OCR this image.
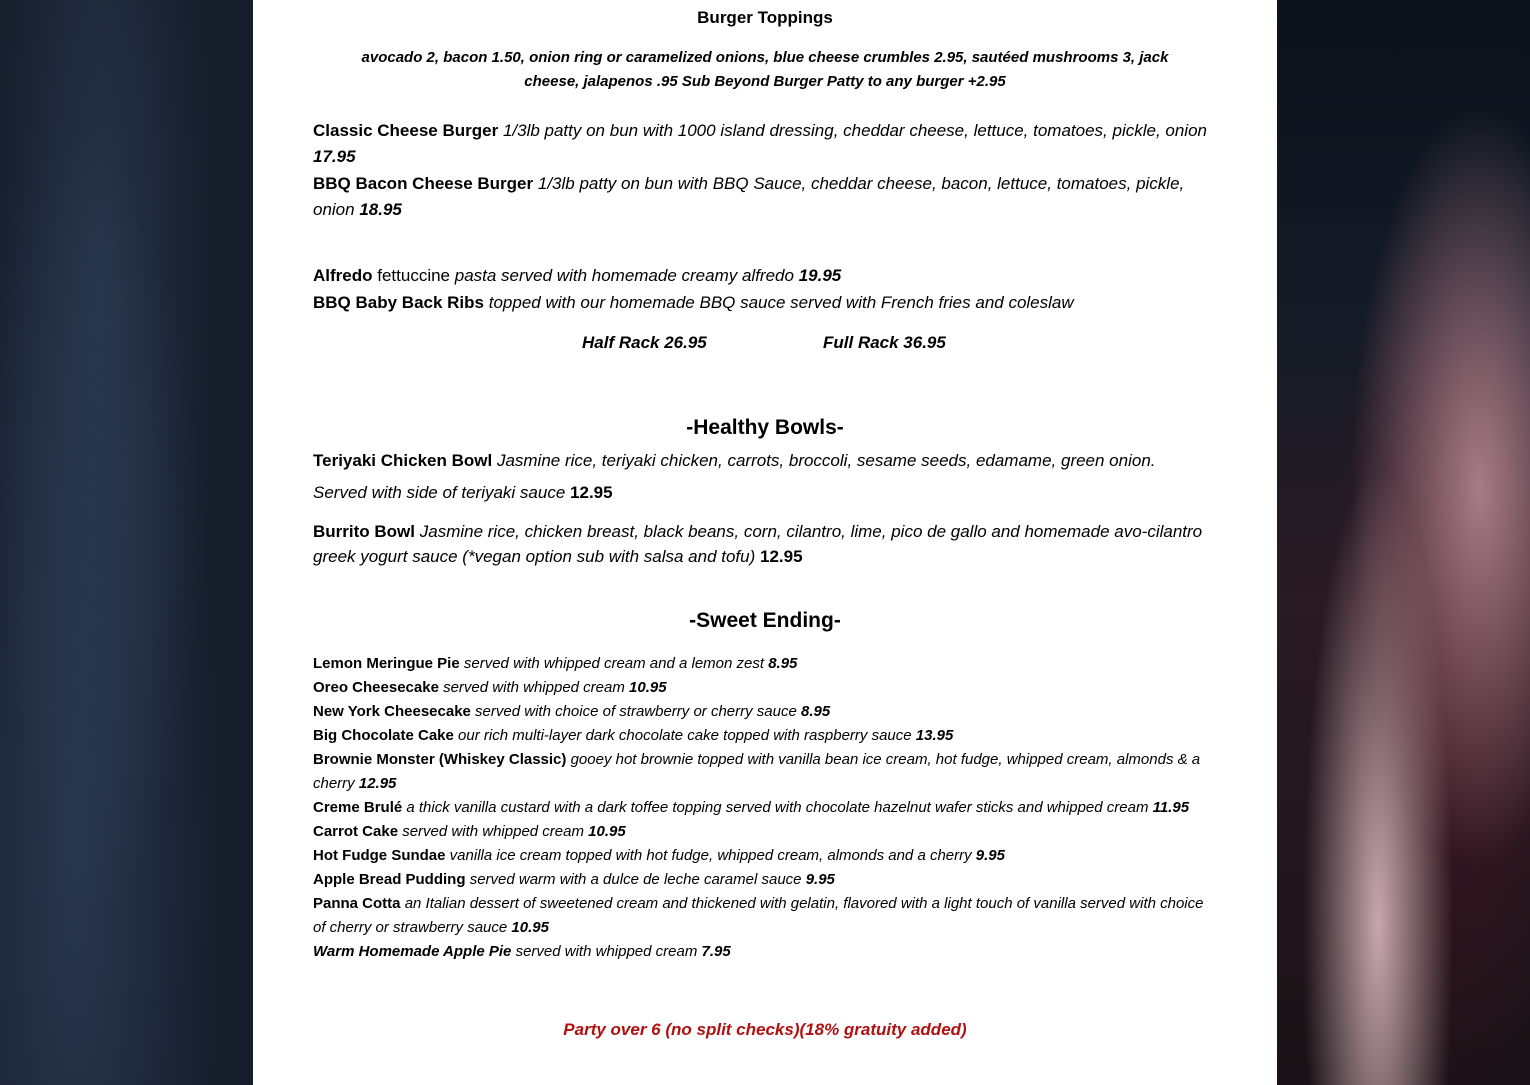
Burger Toppings
avocado 2, bacon 1.50, onion ring or caramelized onions, blue cheese crumbles 2.95, sautéed mushrooms 3, jack
cheese, jalapenos .95 Sub Beyond Burger Patty to any burger +2.95
Classic Cheese Burger 1/3lb patty on bun with 1000 island dressing, cheddar cheese, lettuce, tomatoes, pickle, onion 17.95
BBQ Bacon Cheese Burger 1/3lb patty on bun with BBQ Sauce, cheddar cheese, bacon, lettuce, tomatoes, pickle, onion 18.95
Alfredo fettuccine pasta served with homemade creamy alfredo 19.95
BBQ Baby Back Ribs topped with our homemade BBQ sauce served with French fries and coleslaw
Half Rack 26.95	Full Rack 36.95
-Healthy Bowls-
Teriyaki Chicken Bowl Jasmine rice, teriyaki chicken, carrots, broccoli, sesame seeds, edamame, green onion.
Served with side of teriyaki sauce 12.95
Burrito Bowl Jasmine rice, chicken breast, black beans, corn, cilantro, lime, pico de gallo and homemade avo-cilantro greek yogurt sauce (*vegan option sub with salsa and tofu) 12.95
-Sweet Ending-
Lemon Meringue Pie served with whipped cream and a lemon zest 8.95
Oreo Cheesecake served with whipped cream 10.95
New York Cheesecake served with choice of strawberry or cherry sauce 8.95
Big Chocolate Cake our rich multi-layer dark chocolate cake topped with raspberry sauce 13.95
Brownie Monster (Whiskey Classic) gooey hot brownie topped with vanilla bean ice cream, hot fudge, whipped cream, almonds & a cherry 12.95
Creme Brulé a thick vanilla custard with a dark toffee topping served with chocolate hazelnut wafer sticks and whipped cream 11.95
Carrot Cake served with whipped cream 10.95
Hot Fudge Sundae vanilla ice cream topped with hot fudge, whipped cream, almonds and a cherry 9.95
Apple Bread Pudding served warm with a dulce de leche caramel sauce 9.95
Panna Cotta an Italian dessert of sweetened cream and thickened with gelatin, flavored with a light touch of vanilla served with choice of cherry or strawberry sauce 10.95
Warm Homemade Apple Pie served with whipped cream 7.95
Party over 6 (no split checks)(18% gratuity added)
